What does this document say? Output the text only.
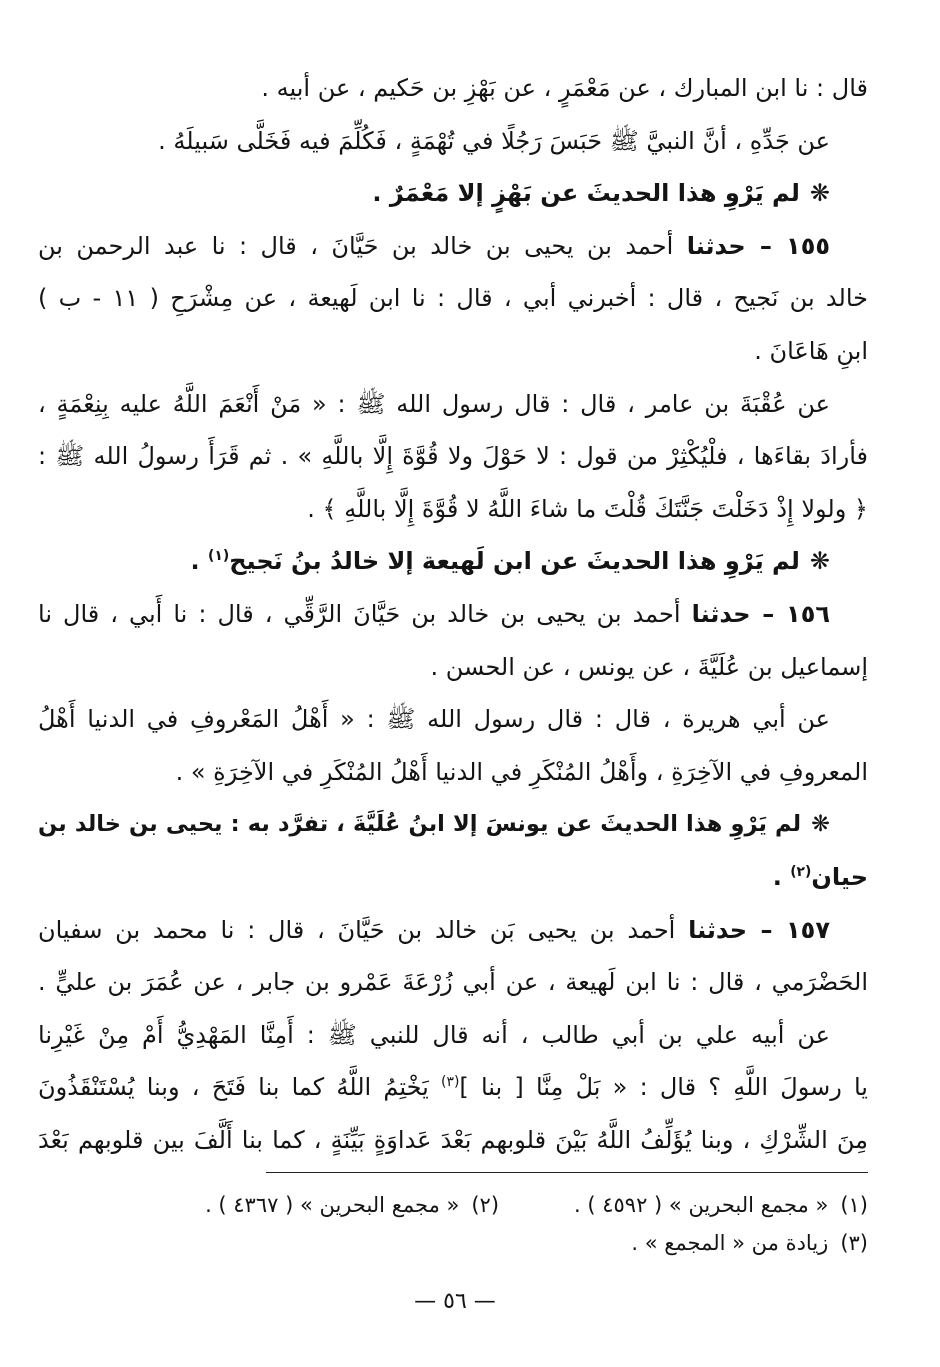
قال : نا ابن المبارك ، عن مَعْمَرٍ ، عن بَهْزِ بن حَكيم ، عن أبيه .
عن جَدِّهِ ، أنَّ النبيَّ ﷺ حَبَسَ رَجُلًا في تُهْمَةٍ ، فَكُلِّمَ فيه فَخَلَّى سَبيلَهُ .
❋لم يَرْوِ هذا الحديثَ عن بَهْزٍ إلا مَعْمَرٌ .
١٥٥ – حدثنا أحمد بن يحيى بن خالد بن حَيَّانَ ، قال : نا عبد الرحمن بن
خالد بن نَجيح ، قال : أخبرني أبي ، قال : نا ابن لَهيعة ، عن مِشْرَحِ ( ١١ - ب )
ابنِ هَاعَانَ .
عن عُقْبَةَ بن عامر ، قال : قال رسول الله ﷺ : « مَنْ أَنْعَمَ اللَّهُ عليه بِنِعْمَةٍ ،
فأرادَ بقاءَها ، فلْيُكْثِرْ من قول : لا حَوْلَ ولا قُوَّةَ إِلَّا باللَّهِ » . ثم قَرَأَ رسولُ الله ﷺ :
﴿ ولولا إِذْ دَخَلْتَ جَنَّتَكَ قُلْتَ ما شاءَ اللَّهُ لا قُوَّةَ إِلَّا باللَّهِ ﴾ .
❋لم يَرْوِ هذا الحديثَ عن ابن لَهيعة إلا خالدُ بنُ نَجيح$^{(١)}$ .
١٥٦ – حدثنا أحمد بن يحيى بن خالد بن حَيَّانَ الرَّقِّي ، قال : نا أَبي ، قال نا
إسماعيل بن عُلَيَّةَ ، عن يونس ، عن الحسن .
عن أبي هريرة ، قال : قال رسول الله ﷺ : « أَهْلُ المَعْروفِ في الدنيا أَهْلُ
المعروفِ في الآخِرَةِ ، وأَهْلُ المُنْكَرِ في الدنيا أَهْلُ المُنْكَرِ في الآخِرَةِ » .
❋لم يَرْوِ هذا الحديثَ عن يونسَ إلا ابنُ عُلَيَّةَ ، تفرَّد به : يحيى بن خالد بن
حيان$^{(٢)}$ .
١٥٧ – حدثنا أحمد بن يحيى بَن خالد بن حَيَّانَ ، قال : نا محمد بن سفيان
الحَضْرَمي ، قال : نا ابن لَهيعة ، عن أبي زُرْعَةَ عَمْرو بن جابر ، عن عُمَرَ بن عليٍّ .
عن أبيه علي بن أبي طالب ، أنه قال للنبي ﷺ : أَمِنَّا المَهْدِيُّ أَمْ مِنْ غَيْرِنا
يا رسولَ اللَّهِ ؟ قال : « بَلْ مِنَّا [ بنا ]$^{(٣)}$ يَخْتِمُ اللَّهُ كما بنا فَتَحَ ، وبنا يُسْتَنْقَذُونَ
مِنَ الشِّرْكِ ، وبنا يُؤَلِّفُ اللَّهُ بَيْنَ قلوبهم بَعْدَ عَداوَةٍ بَيِّنَةٍ ، كما بنا أَلَّفَ بين قلوبهم بَعْدَ
(١)« مجمع البحرين » ( ٤٥٩٢ ) .
(٢)« مجمع البحرين » ( ٤٣٦٧ ) .
(٣)زيادة من « المجمع » .
— ٥٦ —
